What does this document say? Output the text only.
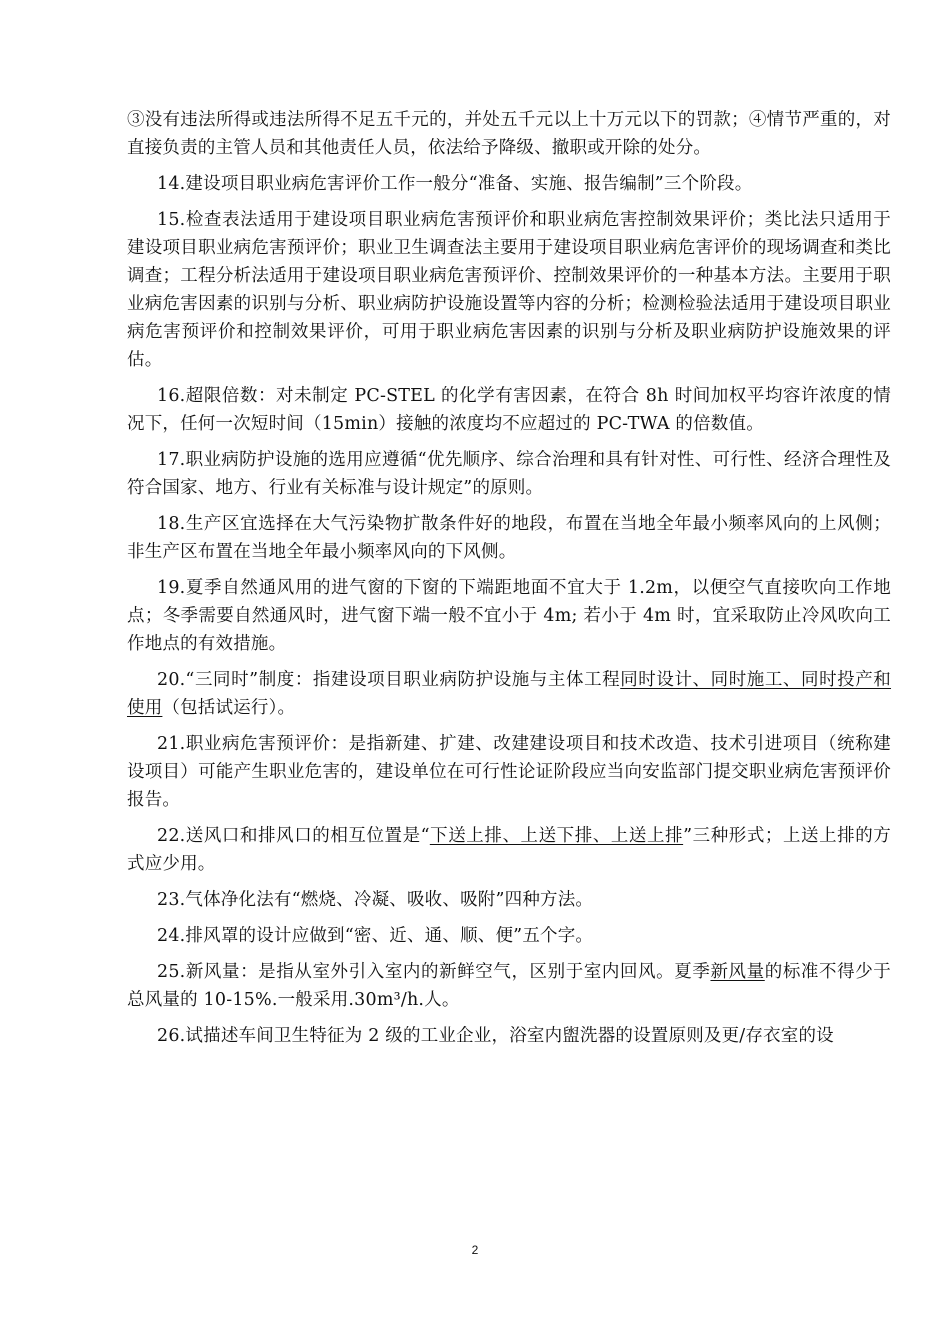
③没有违法所得或违法所得不足五千元的，并处五千元以上十万元以下的罚款；④情节严重的，对直接负责的主管人员和其他责任人员，依法给予降级、撤职或开除的处分。

14.建设项目职业病危害评价工作一般分“准备、实施、报告编制”三个阶段。

15.检查表法适用于建设项目职业病危害预评价和职业病危害控制效果评价；类比法只适用于建设项目职业病危害预评价；职业卫生调查法主要用于建设项目职业病危害评价的现场调查和类比调查；工程分析法适用于建设项目职业病危害预评价、控制效果评价的一种基本方法。主要用于职业病危害因素的识别与分析、职业病防护设施设置等内容的分析；检测检验法适用于建设项目职业病危害预评价和控制效果评价，可用于职业病危害因素的识别与分析及职业病防护设施效果的评估。

16.超限倍数：对未制定 PC-STEL 的化学有害因素，在符合 8h 时间加权平均容许浓度的情况下，任何一次短时间（15min）接触的浓度均不应超过的 PC-TWA 的倍数值。

17.职业病防护设施的选用应遵循“优先顺序、综合治理和具有针对性、可行性、经济合理性及符合国家、地方、行业有关标准与设计规定”的原则。

18.生产区宜选择在大气污染物扩散条件好的地段，布置在当地全年最小频率风向的上风侧；非生产区布置在当地全年最小频率风向的下风侧。

19.夏季自然通风用的进气窗的下窗的下端距地面不宜大于 1.2m，以便空气直接吹向工作地点；冬季需要自然通风时，进气窗下端一般不宜小于 4m; 若小于 4m 时，宜采取防止冷风吹向工作地点的有效措施。

20.“三同时”制度：指建设项目职业病防护设施与主体工程同时设计、同时施工、同时投产和使用（包括试运行）。

21.职业病危害预评价：是指新建、扩建、改建建设项目和技术改造、技术引进项目（统称建设项目）可能产生职业危害的，建设单位在可行性论证阶段应当向安监部门提交职业病危害预评价报告。

22.送风口和排风口的相互位置是“下送上排、上送下排、上送上排”三种形式；上送上排的方式应少用。

23.气体净化法有“燃烧、冷凝、吸收、吸附”四种方法。

24.排风罩的设计应做到“密、近、通、顺、便”五个字。

25.新风量：是指从室外引入室内的新鲜空气，区别于室内回风。夏季新风量的标准不得少于总风量的 10-15%.一般采用.30m³/h.人。

26.试描述车间卫生特征为 2 级的工业企业，浴室内盥洗器的设置原则及更/存衣室的设

2
